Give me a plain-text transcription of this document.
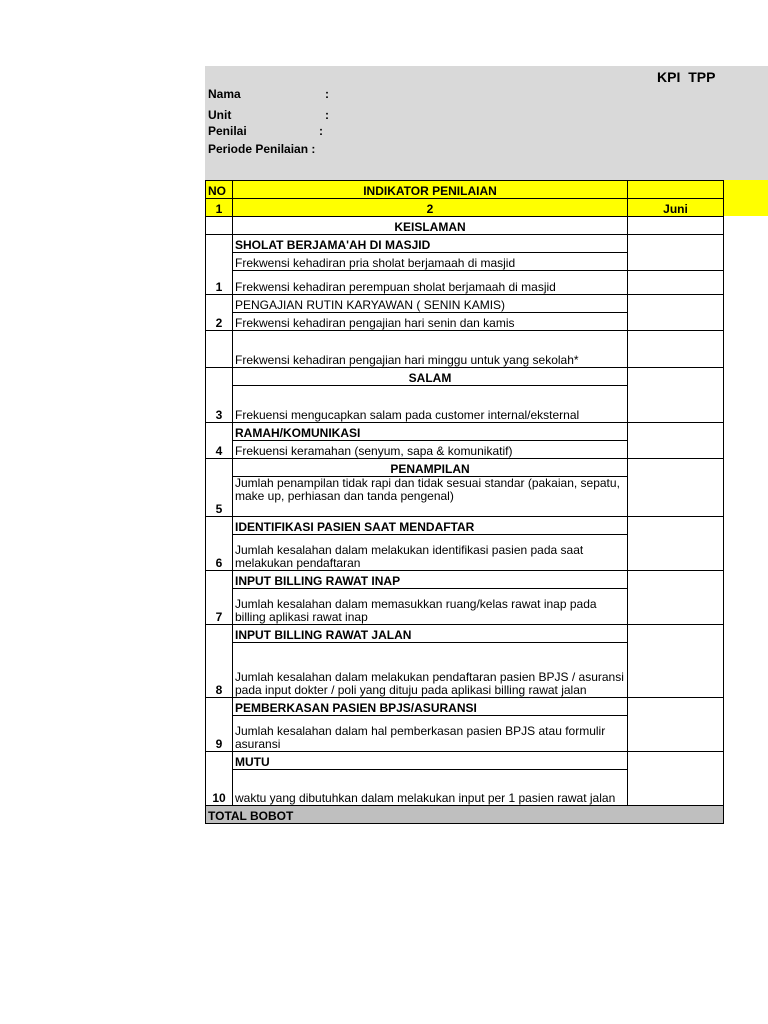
KPI TPP
Nama	:
Unit	:
Penilai	:
Periode Penilaian :
NO	INDIKATOR PENILAIAN	
1	2	Juni
	KEISLAMAN	
1	SHOLAT BERJAMA'AH DI MASJID	
	Frekwensi kehadiran pria sholat berjamaah di masjid	
	Frekwensi kehadiran perempuan sholat berjamaah di masjid	
2	PENGAJIAN RUTIN KARYAWAN ( SENIN KAMIS)	
	Frekwensi kehadiran pengajian hari senin dan kamis	
	Frekwensi kehadiran pengajian hari minggu untuk yang sekolah*	
3	SALAM	
	Frekuensi mengucapkan salam pada customer internal/eksternal	
4	RAMAH/KOMUNIKASI	
	Frekuensi keramahan (senyum, sapa & komunikatif)	
5	PENAMPILAN	
	Jumlah penampilan tidak rapi dan tidak sesuai standar (pakaian, sepatu, make up, perhiasan dan tanda pengenal)	
6	IDENTIFIKASI PASIEN SAAT MENDAFTAR	
	Jumlah kesalahan dalam melakukan identifikasi pasien pada saat melakukan pendaftaran	
7	INPUT BILLING RAWAT INAP	
	Jumlah kesalahan dalam memasukkan ruang/kelas rawat inap pada billing aplikasi rawat inap	
8	INPUT BILLING RAWAT JALAN	
	Jumlah kesalahan dalam melakukan pendaftaran pasien BPJS / asuransi pada input dokter / poli yang dituju pada aplikasi billing rawat jalan	
9	PEMBERKASAN PASIEN BPJS/ASURANSI	
	Jumlah kesalahan dalam hal pemberkasan pasien BPJS atau formulir asuransi	
10	MUTU	
	waktu yang dibutuhkan dalam melakukan input per 1 pasien rawat jalan	
TOTAL BOBOT		
